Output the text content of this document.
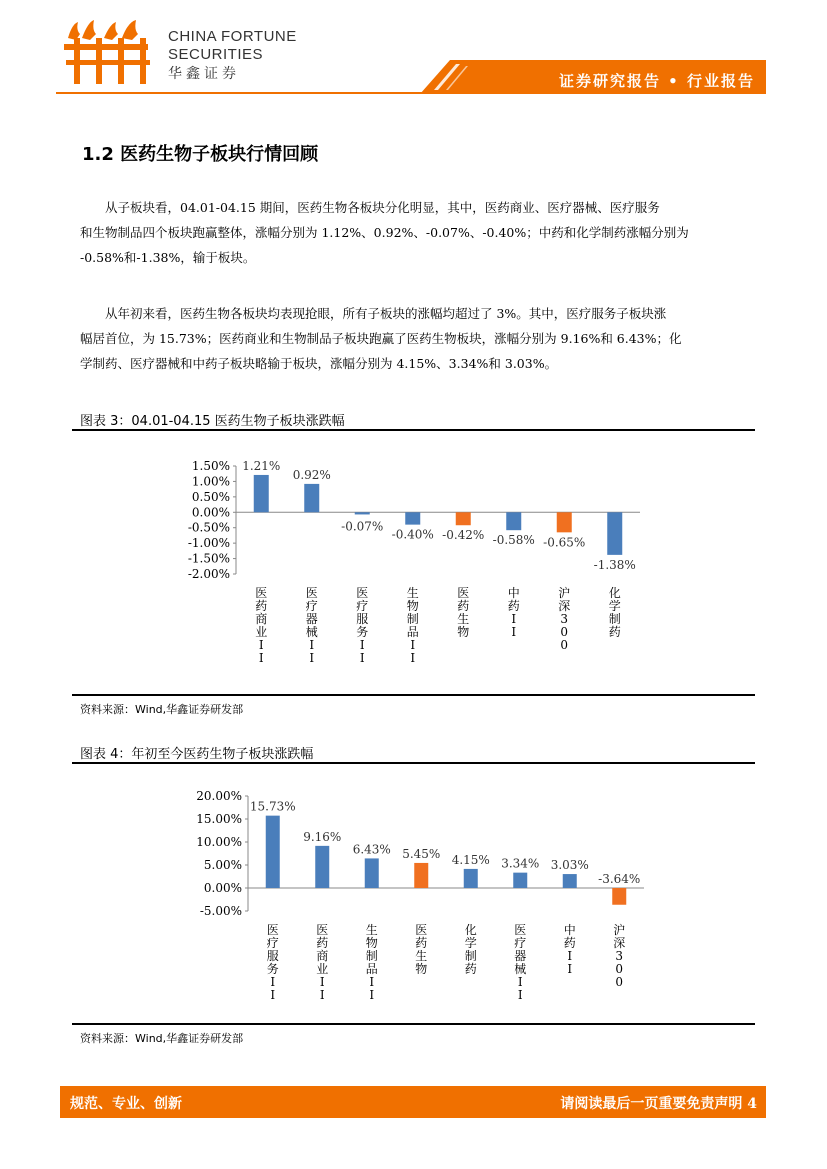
CHINA FORTUNE
SECURITIES
华鑫证券	证券研究报告 • 行业报告
1.2 医药生物子板块行情回顾
从子板块看，04.01-04.15 期间，医药生物各板块分化明显，其中，医药商业、医疗器械、医疗服务
和生物制品四个板块跑赢整体，涨幅分别为 1.12%、0.92%、-0.07%、-0.40%；中药和化学制药涨幅分别为
-0.58%和-1.38%，输于板块。
从年初来看，医药生物各板块均表现抢眼，所有子板块的涨幅均超过了 3%。其中，医疗服务子板块涨
幅居首位，为 15.73%；医药商业和生物制品子板块跑赢了医药生物板块，涨幅分别为 9.16%和 6.43%；化
学制药、医疗器械和中药子板块略输于板块，涨幅分别为 4.15%、3.34%和 3.03%。
图表 3：04.01-04.15 医药生物子板块涨跌幅
1.50%
1.00%
0.50%
0.00%
-0.50%
-1.00%
-1.50%
-2.00%
1.21%
医药商业 I I
0.92%
医疗器械 I I
-0.07%
医疗服务 I I
-0.40%
生物制品 I I
-0.42%
医药生物
-0.58%
中药 I I
-0.65%
沪深 3 0 0
-1.38%
化学制药
资料来源：Wind,华鑫证券研发部
图表 4：年初至今医药生物子板块涨跌幅
20.00%
15.00%
10.00%
5.00%
0.00%
-5.00%
15.73%
医疗服务 I I
9.16%
医药商业 I I
6.43%
生物制品 I I
5.45%
医药生物
4.15%
化学制药
3.34%
医疗器械 I I
3.03%
中药 I I
-3.64%
沪深 3 0 0
资料来源：Wind,华鑫证券研发部
规范、专业、创新	请阅读最后一页重要免责声明 4
